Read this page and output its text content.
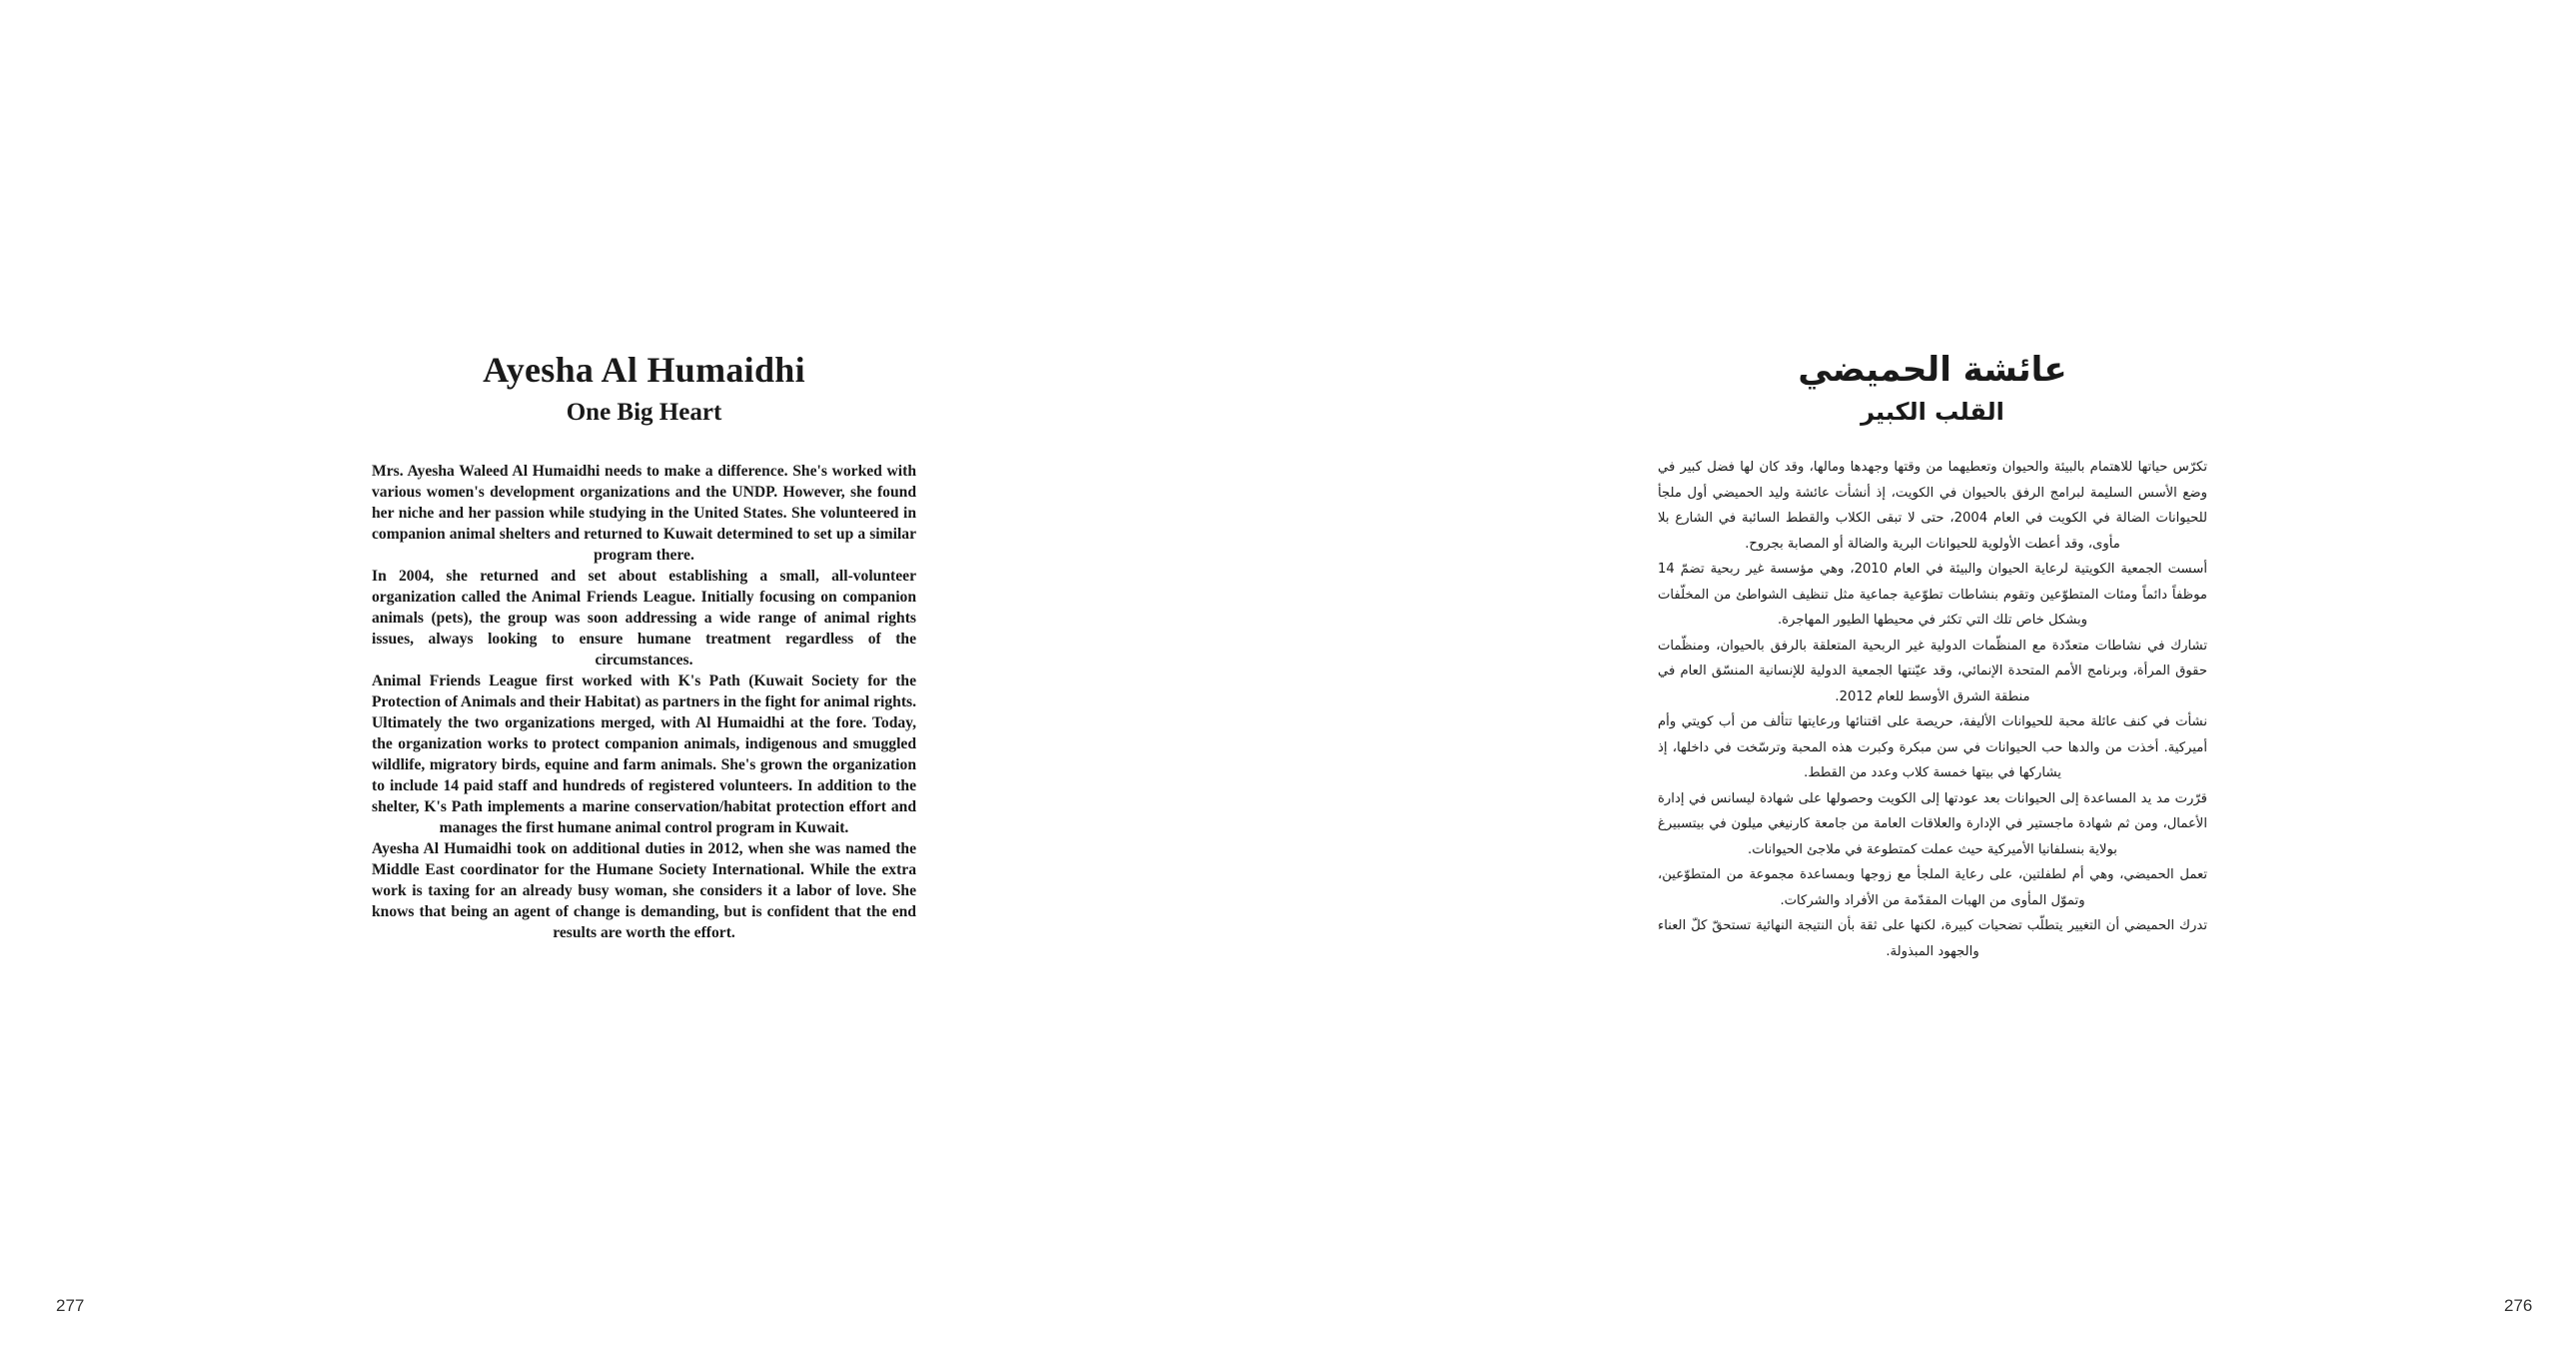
Ayesha Al Humaidhi
One Big Heart

Mrs. Ayesha Waleed Al Humaidhi needs to make a difference. She's worked with various women's development organizations and the UNDP. However, she found her niche and her passion while studying in the United States. She volunteered in companion animal shelters and returned to Kuwait determined to set up a similar program there.

In 2004, she returned and set about establishing a small, all-volunteer organization called the Animal Friends League. Initially focusing on companion animals (pets), the group was soon addressing a wide range of animal rights issues, always looking to ensure humane treatment regardless of the circumstances.

Animal Friends League first worked with K's Path (Kuwait Society for the Protection of Animals and their Habitat) as partners in the fight for animal rights. Ultimately the two organizations merged, with Al Humaidhi at the fore. Today, the organization works to protect companion animals, indigenous and smuggled wildlife, migratory birds, equine and farm animals. She's grown the organization to include 14 paid staff and hundreds of registered volunteers. In addition to the shelter, K's Path implements a marine conservation/habitat protection effort and manages the first humane animal control program in Kuwait.

Ayesha Al Humaidhi took on additional duties in 2012, when she was named the Middle East coordinator for the Humane Society International. While the extra work is taxing for an already busy woman, she considers it a labor of love. She knows that being an agent of change is demanding, but is confident that the end results are worth the effort.

277
عائشة الحميضي
القلب الكبير

تكرّس حياتها للاهتمام بالبيئة والحيوان وتعطيهما من وقتها وجهدها ومالها، وقد كان لها فضل كبير في وضع الأسس السليمة لبرامج الرفق بالحيوان في الكويت، إذ أنشأت عائشة وليد الحميضي أول ملجأ للحيوانات الضالة في الكويت في العام 2004، حتى لا تبقى الكلاب والقطط السائبة في الشارع بلا مأوى، وقد أعطت الأولوية للحيوانات البرية والضالة أو المصابة بجروح.

أسست الجمعية الكويتية لرعاية الحيوان والبيئة في العام 2010، وهي مؤسسة غير ربحية تضمّ 14 موظفاً دائماً ومئات المتطوّعين وتقوم بنشاطات تطوّعية جماعية مثل تنظيف الشواطئ من المخلّفات وبشكل خاص تلك التي تكثر في محيطها الطيور المهاجرة.

تشارك في نشاطات متعدّدة مع المنظّمات الدولية غير الربحية المتعلقة بالرفق بالحيوان، ومنظّمات حقوق المرأة، وبرنامج الأمم المتحدة الإنمائي، وقد عيّنتها الجمعية الدولية للإنسانية المنسّق العام في منطقة الشرق الأوسط للعام 2012.

نشأت في كنف عائلة محبة للحيوانات الأليفة، حريصة على اقتنائها ورعايتها تتألف من أب كويتي وأم أميركية. أخذت من والدها حب الحيوانات في سن مبكرة وكبرت هذه المحبة وترسّخت في داخلها، إذ يشاركها في بيتها خمسة كلاب وعدد من القطط.

قرّرت مد يد المساعدة إلى الحيوانات بعد عودتها إلى الكويت وحصولها على شهادة ليسانس في إدارة الأعمال، ومن ثم شهادة ماجستير في الإدارة والعلاقات العامة من جامعة كارنيغي ميلون في بيتسبيرغ بولاية بنسلفانيا الأميركية حيث عملت كمتطوعة في ملاجئ الحيوانات.

تعمل الحميضي، وهي أم لطفلتين، على رعاية الملجأ مع زوجها وبمساعدة مجموعة من المتطوّعين، وتموّل المأوى من الهبات المقدّمة من الأفراد والشركات.

تدرك الحميضي أن التغيير يتطلّب تضحيات كبيرة، لكنها على ثقة بأن النتيجة النهائية تستحقّ كلّ العناء والجهود المبذولة.

276
